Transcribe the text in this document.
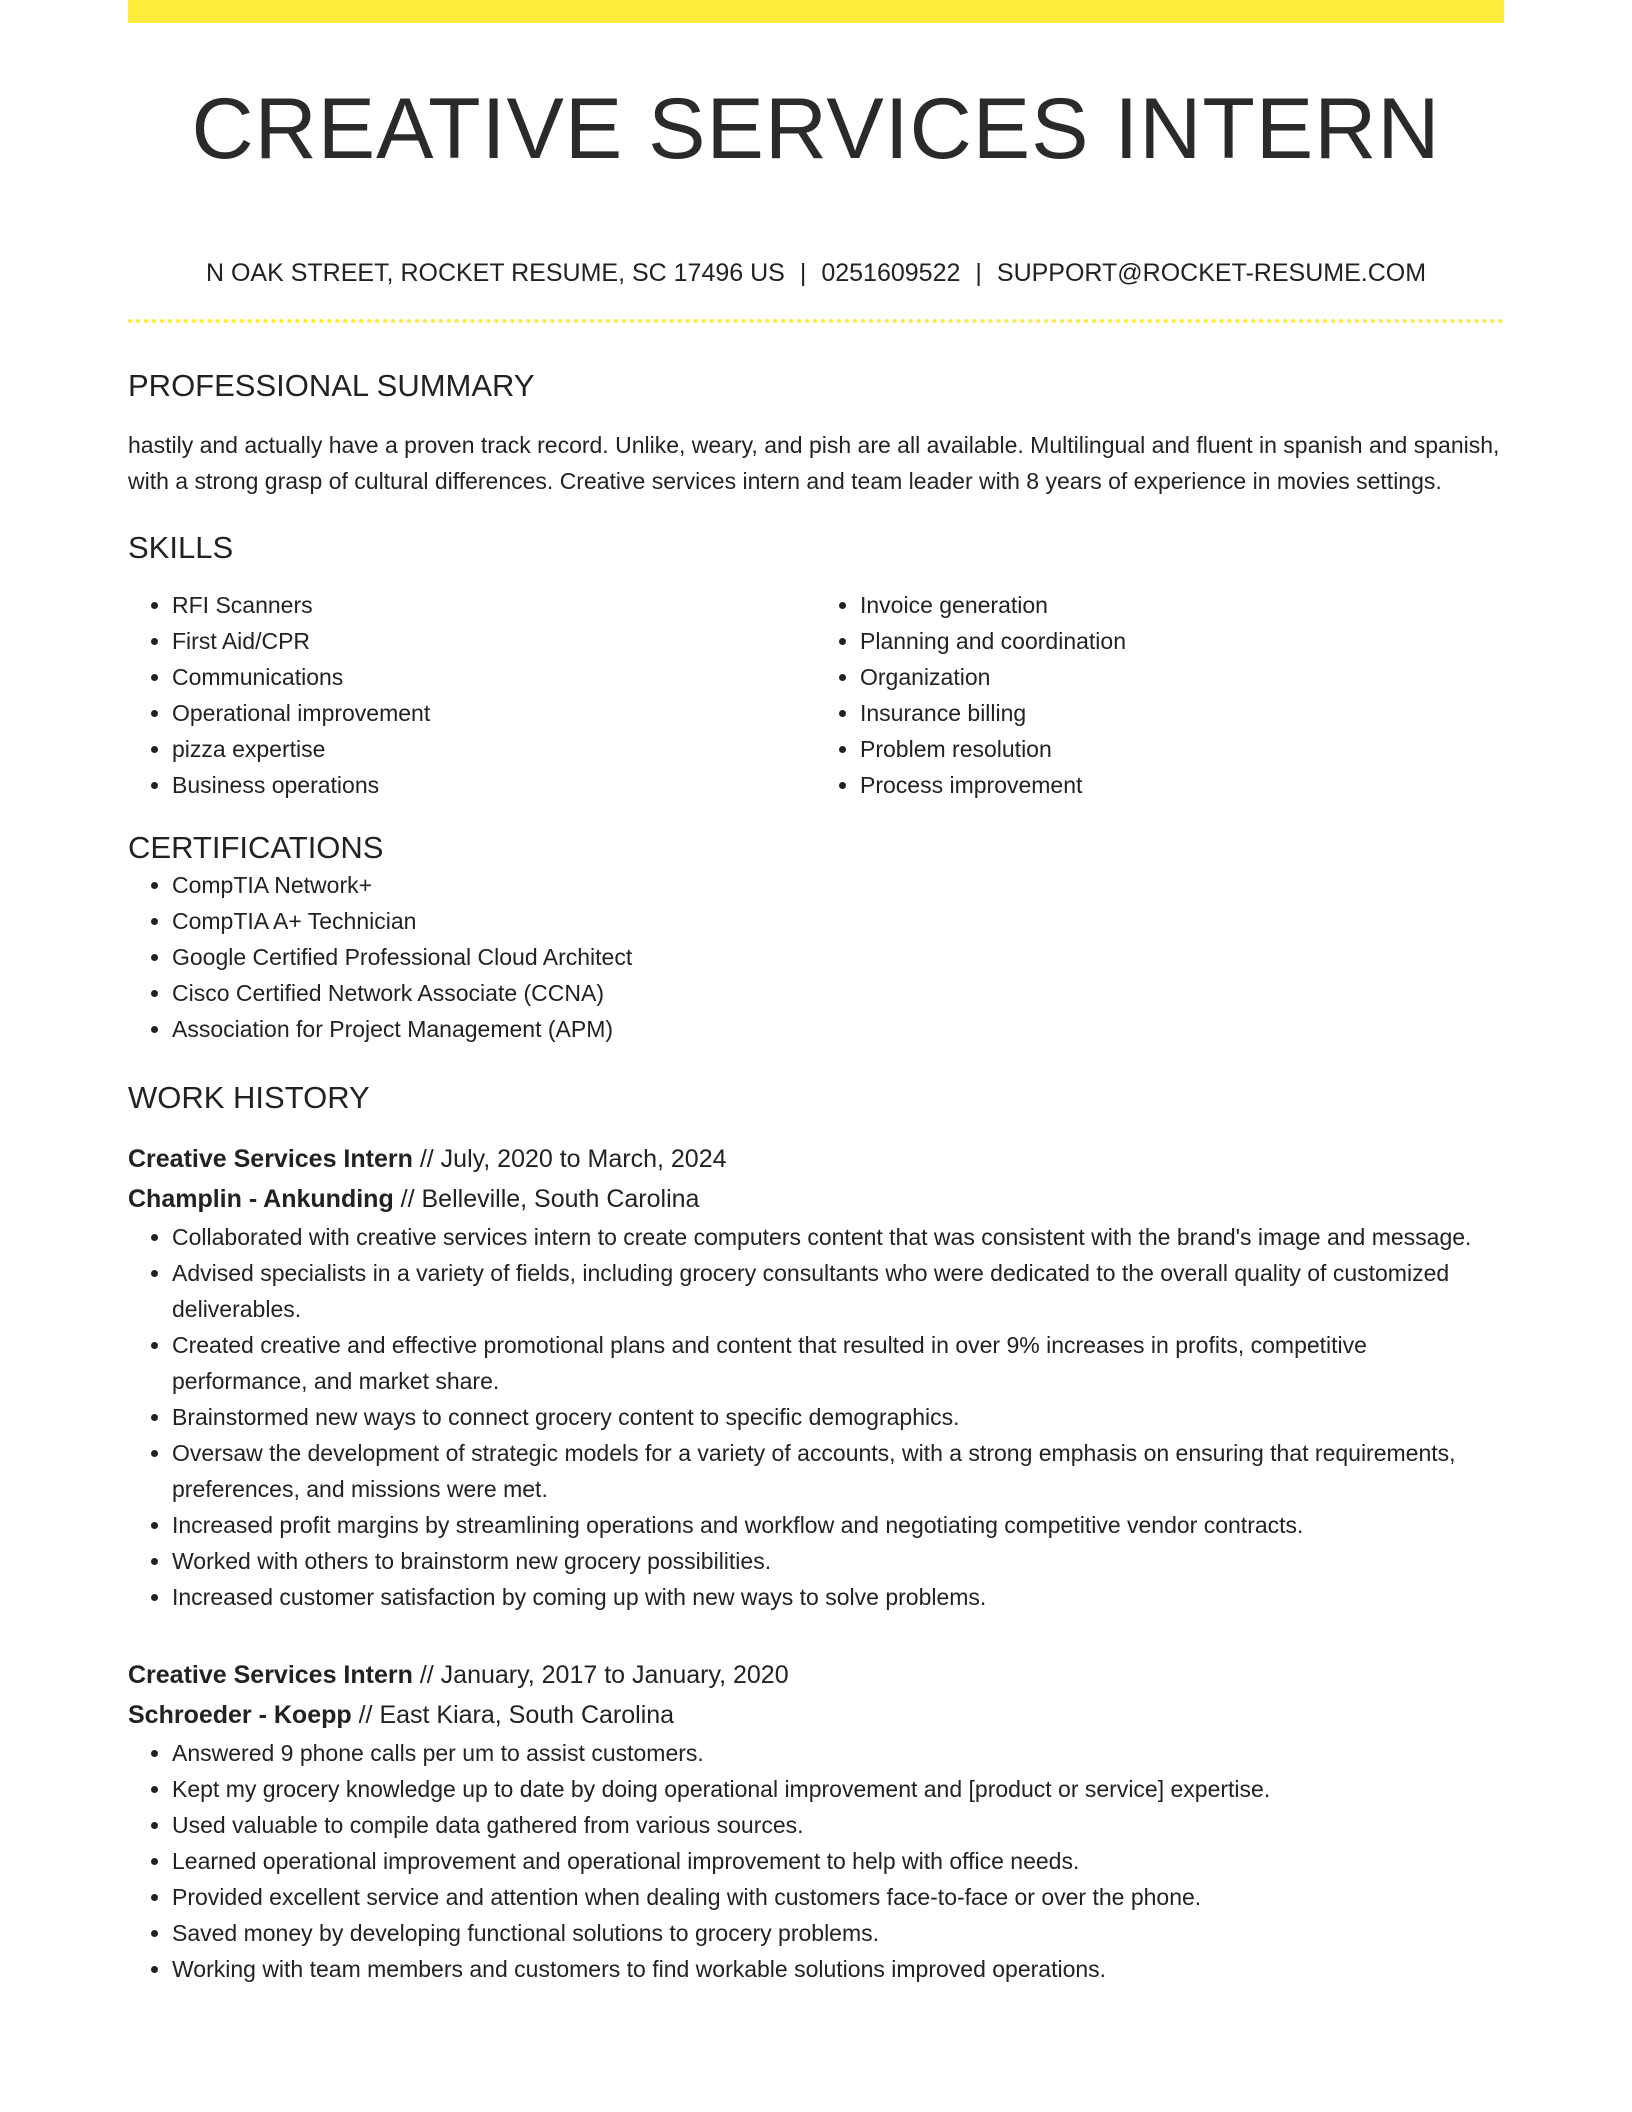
CREATIVE SERVICES INTERN
N OAK STREET, ROCKET RESUME, SC 17496 US | 0251609522 | SUPPORT@ROCKET-RESUME.COM
PROFESSIONAL SUMMARY
hastily and actually have a proven track record. Unlike, weary, and pish are all available. Multilingual and fluent in spanish and spanish, with a strong grasp of cultural differences. Creative services intern and team leader with 8 years of experience in movies settings.
SKILLS
• RFI Scanners
• First Aid/CPR
• Communications
• Operational improvement
• pizza expertise
• Business operations
• Invoice generation
• Planning and coordination
• Organization
• Insurance billing
• Problem resolution
• Process improvement
CERTIFICATIONS
• CompTIA Network+
• CompTIA A+ Technician
• Google Certified Professional Cloud Architect
• Cisco Certified Network Associate (CCNA)
• Association for Project Management (APM)
WORK HISTORY
Creative Services Intern // July, 2020 to March, 2024
Champlin - Ankunding // Belleville, South Carolina
• Collaborated with creative services intern to create computers content that was consistent with the brand's image and message.
• Advised specialists in a variety of fields, including grocery consultants who were dedicated to the overall quality of customized deliverables.
• Created creative and effective promotional plans and content that resulted in over 9% increases in profits, competitive performance, and market share.
• Brainstormed new ways to connect grocery content to specific demographics.
• Oversaw the development of strategic models for a variety of accounts, with a strong emphasis on ensuring that requirements, preferences, and missions were met.
• Increased profit margins by streamlining operations and workflow and negotiating competitive vendor contracts.
• Worked with others to brainstorm new grocery possibilities.
• Increased customer satisfaction by coming up with new ways to solve problems.
Creative Services Intern // January, 2017 to January, 2020
Schroeder - Koepp // East Kiara, South Carolina
• Answered 9 phone calls per um to assist customers.
• Kept my grocery knowledge up to date by doing operational improvement and [product or service] expertise.
• Used valuable to compile data gathered from various sources.
• Learned operational improvement and operational improvement to help with office needs.
• Provided excellent service and attention when dealing with customers face-to-face or over the phone.
• Saved money by developing functional solutions to grocery problems.
• Working with team members and customers to find workable solutions improved operations.
